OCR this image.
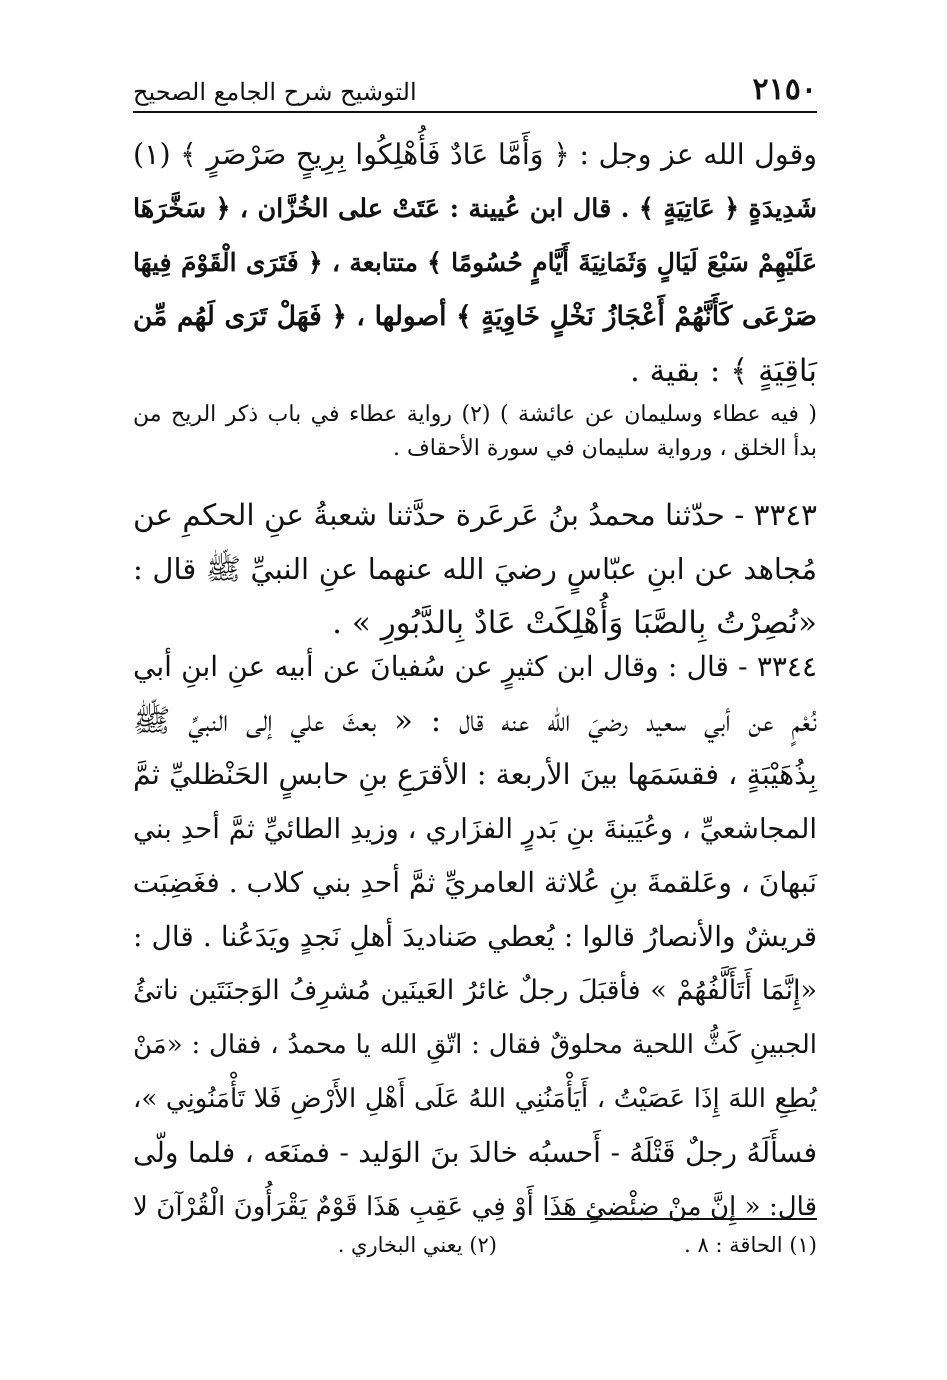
٢١٥٠
التوشيح شرح الجامع الصحيح
وقول الله عز وجل : ﴿ وَأَمَّا عَادٌ فَأُهْلِكُوا بِرِيحٍ صَرْصَرٍ ﴾ (١)
شَدِيدَةٍ ﴿ عَاتِيَةٍ ﴾ . قال ابن عُيينة : عَتَتْ على الخُزَّان ، ﴿ سَخَّرَهَا
عَلَيْهِمْ سَبْعَ لَيَالٍ وَثَمَانِيَةَ أَيَّامٍ حُسُومًا ﴾ متتابعة ، ﴿ فَتَرَى الْقَوْمَ فِيهَا
صَرْعَى كَأَنَّهُمْ أَعْجَازُ نَخْلٍ خَاوِيَةٍ ﴾ أصولها ، ﴿ فَهَلْ تَرَى لَهُم مِّن
بَاقِيَةٍ ﴾ : بقية .
( فيه عطاء وسليمان عن عائشة ) (٢) رواية عطاء في باب ذكر الريح من
بدأ الخلق ، ورواية سليمان في سورة الأحقاف .
٣٣٤٣ - حدّثنا محمدُ بنُ عَرعَرة حدَّثنا شعبةُ عنِ الحكمِ عن
مُجاهد عن ابنِ عبّاسٍ رضيَ الله عنهما عنِ النبيِّ ﷺ قال :
«نُصِرْتُ بِالصَّبَا وَأُهْلِكَتْ عَادٌ بِالدَّبُورِ » .
٣٣٤٤ - قال : وقال ابن كثيرٍ عن سُفيانَ عن أبيه عنِ ابنِ أبي
نُعْمٍ عن أبي سعيد رضيَ الله عنه قال : « بعثَ علي إلى النبيِّ ﷺ
بِذُهَيْبَةٍ ، فقسَمَها بينَ الأربعة : الأقرَعِ بنِ حابسٍ الحَنْظليِّ ثمَّ
المجاشعيِّ ، وعُيَينةَ بنِ بَدرٍ الفزَاري ، وزيدِ الطائيِّ ثمَّ أحدِ بني
نَبهانَ ، وعَلقمةَ بنِ عُلاثة العامريِّ ثمَّ أحدِ بني كلاب . فغَضِبَت
قريشٌ والأنصارُ قالوا : يُعطي صَناديدَ أهلِ نَجدٍ ويَدَعُنا . قال :
«إِنَّمَا أَتَأَلَّفُهُمْ » فأقبَلَ رجلٌ غائرُ العَينَين مُشرِفُ الوَجنَتَين ناتئُ
الجبينِ كَثُّ اللحية محلوقٌ فقال : اتّقِ الله يا محمدُ ، فقال : «مَنْ
يُطِعِ اللهَ إِذَا عَصَيْتُ ، أَيَأْمَنُنِي اللهُ عَلَى أَهْلِ الأَرْضِ فَلا تَأْمَنُونِي »،
فسأَلَهُ رجلٌ قَتْلَهُ - أَحسبُه خالدَ بنَ الوَليد - فمنَعَه ، فلما ولّى
قال: « إِنَّ مِنْ ضِئْضِئِ هَذَا أَوْ فِي عَقِبِ هَذَا قَوْمٌ يَقْرَأُونَ الْقُرْآنَ لا
(١) الحاقة : ٨ .
(٢) يعني البخاري .
